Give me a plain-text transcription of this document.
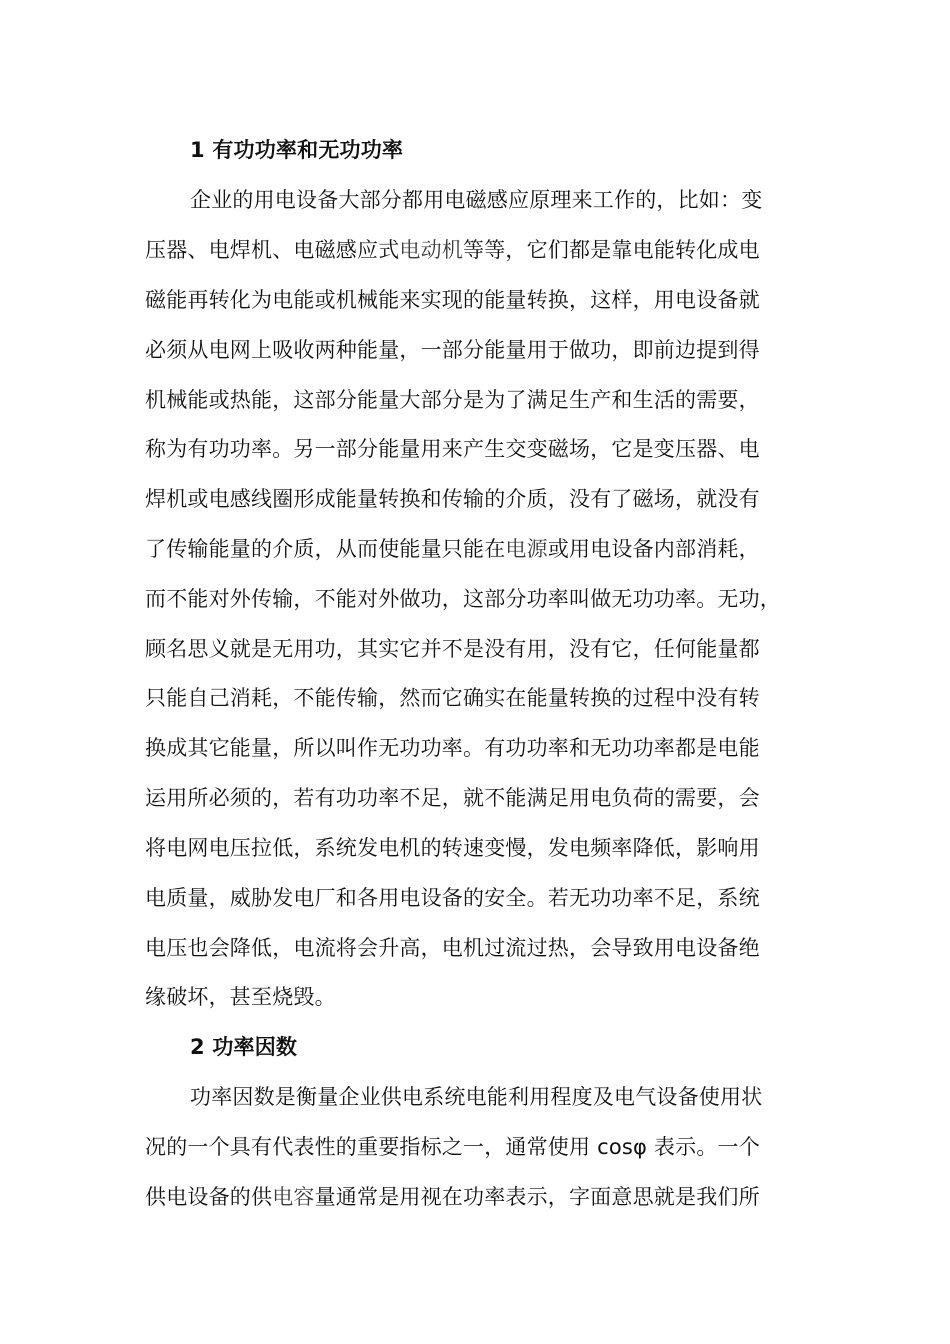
1 有功功率和无功功率
企业的用电设备大部分都用电磁感应原理来工作的，比如：变
压器、电焊机、电磁感应式电动机等等，它们都是靠电能转化成电
磁能再转化为电能或机械能来实现的能量转换，这样，用电设备就
必须从电网上吸收两种能量，一部分能量用于做功，即前边提到得
机械能或热能，这部分能量大部分是为了满足生产和生活的需要，
称为有功功率。另一部分能量用来产生交变磁场，它是变压器、电
焊机或电感线圈形成能量转换和传输的介质，没有了磁场，就没有
了传输能量的介质，从而使能量只能在电源或用电设备内部消耗，
而不能对外传输，不能对外做功，这部分功率叫做无功功率。无功，
顾名思义就是无用功，其实它并不是没有用，没有它，任何能量都
只能自己消耗，不能传输，然而它确实在能量转换的过程中没有转
换成其它能量，所以叫作无功功率。有功功率和无功功率都是电能
运用所必须的，若有功功率不足，就不能满足用电负荷的需要，会
将电网电压拉低，系统发电机的转速变慢，发电频率降低，影响用
电质量，威胁发电厂和各用电设备的安全。若无功功率不足，系统
电压也会降低，电流将会升高，电机过流过热，会导致用电设备绝
缘破坏，甚至烧毁。
2 功率因数
功率因数是衡量企业供电系统电能利用程度及电气设备使用状
况的一个具有代表性的重要指标之一，通常使用 cosφ 表示。一个
供电设备的供电容量通常是用视在功率表示，字面意思就是我们所
